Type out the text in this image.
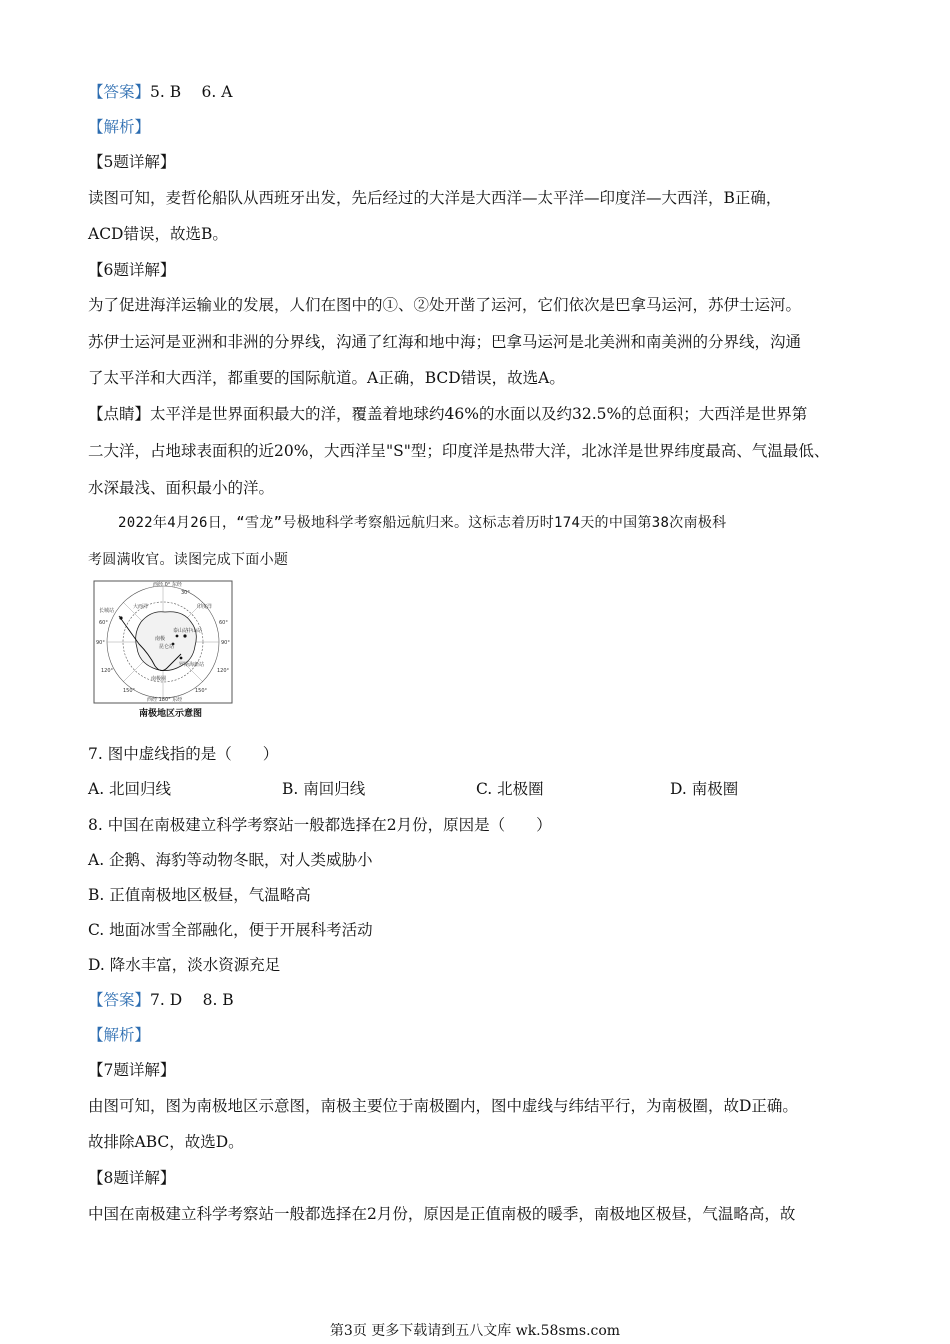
【答案】5. B　 6. A
【解析】
【5题详解】
读图可知，麦哲伦船队从西班牙出发，先后经过的大洋是大西洋—太平洋—印度洋—大西洋，B正确，
ACD错误，故选B。
【6题详解】
为了促进海洋运输业的发展，人们在图中的①、②处开凿了运河，它们依次是巴拿马运河，苏伊士运河。
苏伊士运河是亚洲和非洲的分界线，沟通了红海和地中海；巴拿马运河是北美洲和南美洲的分界线，沟通
了太平洋和大西洋，都重要的国际航道。A正确，BCD错误，故选A。
【点睛】太平洋是世界面积最大的洋，覆盖着地球约46%的水面以及约32.5%的总面积；大西洋是世界第
二大洋，占地球表面积的近20%，大西洋呈"S"型；印度洋是热带大洋，北冰洋是世界纬度最高、气温最低、
水深最浅、面积最小的洋。
2022年4月26日，“雪龙”号极地科学考察船远航归来。这标志着历时174天的中国第38次南极科
考圆满收官。读图完成下面小题
西经 0° 东经
西经 180° 东经
大西洋	印度洋
长城站
泰山站
中山站
昆仑站
罗斯海新站
南极
南极圈
30°
60°	60°
90°	90°
120°	120°
150°	150°
南极地区示意图
7. 图中虚线指的是（　　）
A. 北回归线	B. 南回归线	C. 北极圈	D. 南极圈
8. 中国在南极建立科学考察站一般都选择在2月份，原因是（　　）
A. 企鹅、海豹等动物冬眠，对人类威胁小
B. 正值南极地区极昼，气温略高
C. 地面冰雪全部融化，便于开展科考活动
D. 降水丰富，淡水资源充足
【答案】7. D　 8. B
【解析】
【7题详解】
由图可知，图为南极地区示意图，南极主要位于南极圈内，图中虚线与纬结平行，为南极圈，故D正确。
故排除ABC，故选D。
【8题详解】
中国在南极建立科学考察站一般都选择在2月份，原因是正值南极的暖季，南极地区极昼，气温略高，故
第3页 更多下载请到五八文库 wk.58sms.com
